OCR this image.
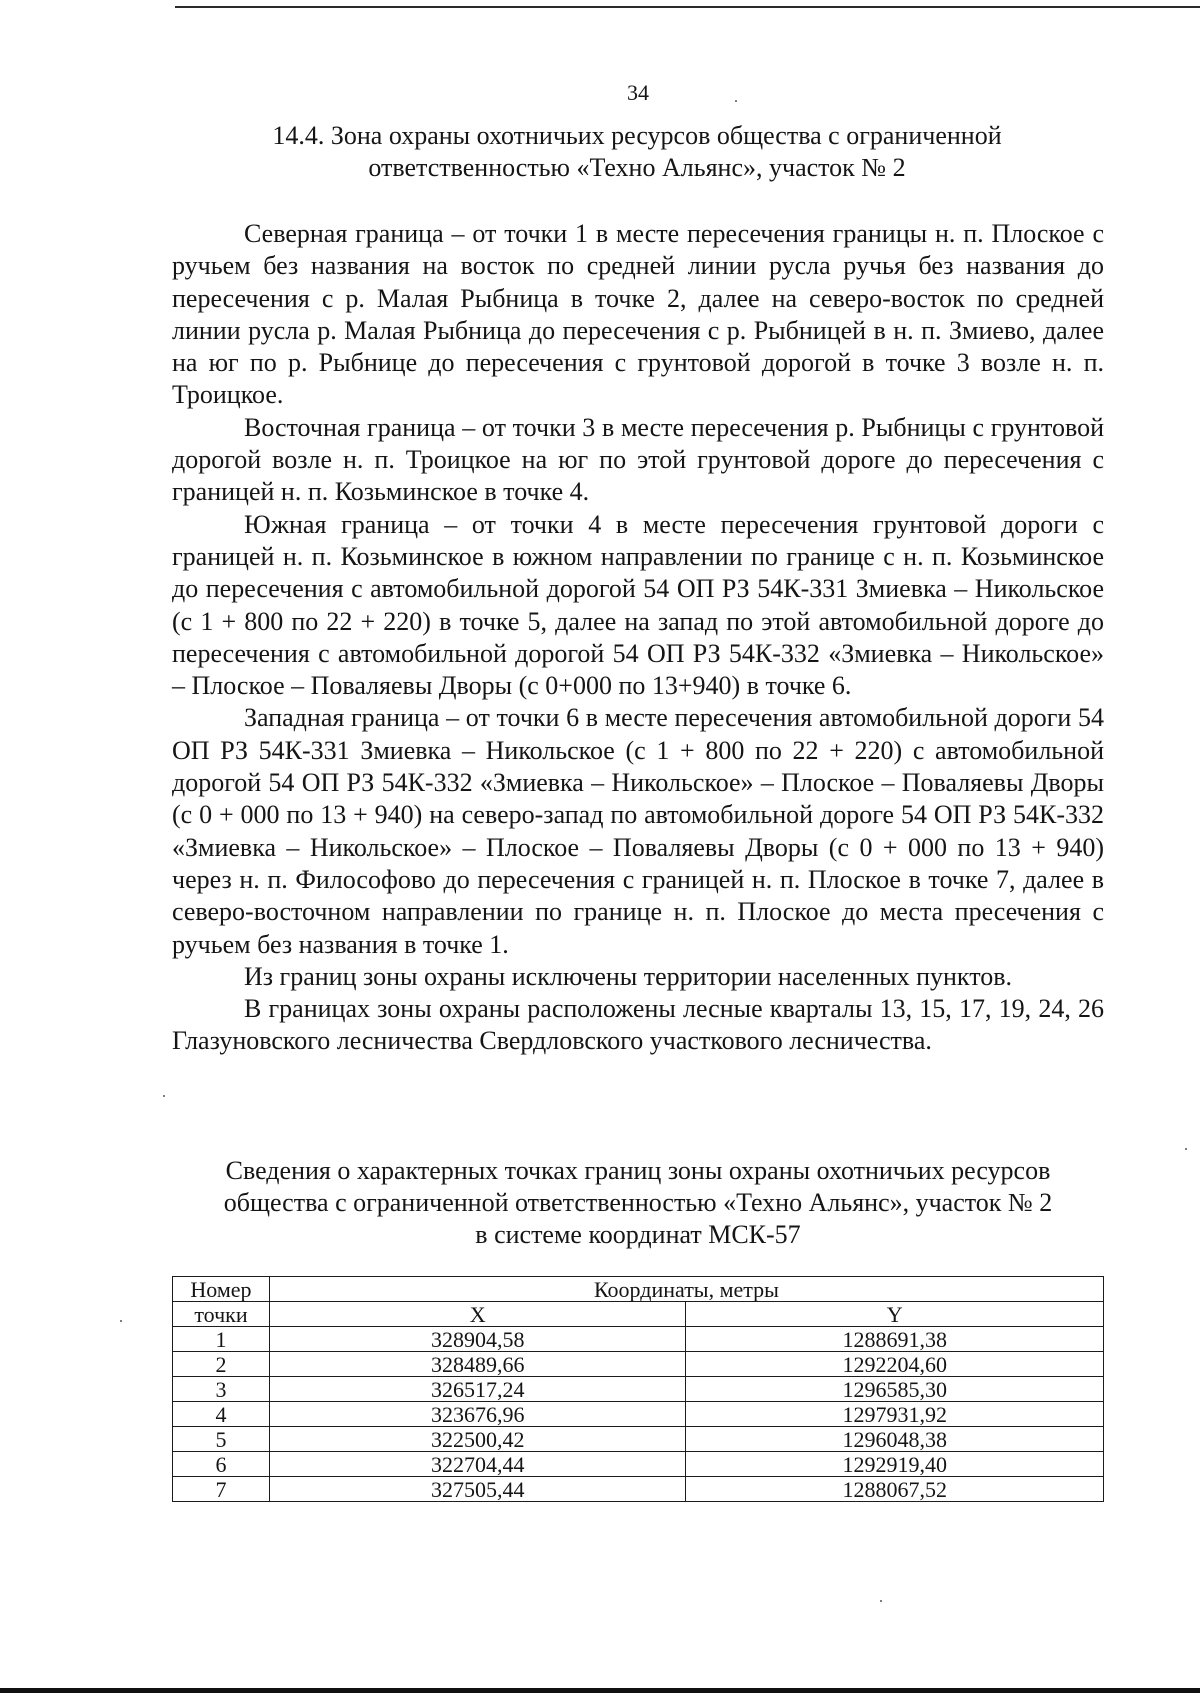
34
14.4. Зона охраны охотничьих ресурсов общества с ограниченной
ответственностью «Техно Альянс», участок № 2

Северная граница – от точки 1 в месте пересечения границы н. п. Плоское с ручьем без названия на восток по средней линии русла ручья без названия до пересечения с р. Малая Рыбница в точке 2, далее на северо-восток по средней линии русла р. Малая Рыбница до пересечения с р. Рыбницей в н. п. Змиево, далее на юг по р. Рыбнице до пересечения с грунтовой дорогой в точке 3 возле н. п. Троицкое.

Восточная граница – от точки 3 в месте пересечения р. Рыбницы с грунтовой дорогой возле н. п. Троицкое на юг по этой грунтовой дороге до пересечения с границей н. п. Козьминское в точке 4.

Южная граница – от точки 4 в месте пересечения грунтовой дороги с границей н. п. Козьминское в южном направлении по границе с н. п. Козьминское до пересечения с автомобильной дорогой 54 ОП РЗ 54К-331 Змиевка – Никольское (с 1 + 800 по 22 + 220) в точке 5, далее на запад по этой автомобильной дороге до пересечения с автомобильной дорогой 54 ОП РЗ 54К-332 «Змиевка – Никольское» – Плоское – Поваляевы Дворы (с 0+000 по 13+940) в точке 6.

Западная граница – от точки 6 в месте пересечения автомобильной дороги 54 ОП РЗ 54К-331 Змиевка – Никольское (с 1 + 800 по 22 + 220) с автомобильной дорогой 54 ОП РЗ 54К-332 «Змиевка – Никольское» – Плоское – Поваляевы Дворы (с 0 + 000 по 13 + 940) на северо-запад по автомобильной дороге 54 ОП РЗ 54К-332 «Змиевка – Никольское» – Плоское – Поваляевы Дворы (с 0 + 000 по 13 + 940) через н. п. Философово до пересечения с границей н. п. Плоское в точке 7, далее в северо-восточном направлении по границе н. п. Плоское до места пресечения с ручьем без названия в точке 1.

Из границ зоны охраны исключены территории населенных пунктов.

В границах зоны охраны расположены лесные кварталы 13, 15, 17, 19, 24, 26 Глазуновского лесничества Свердловского участкового лесничества.

Сведения о характерных точках границ зоны охраны охотничьих ресурсов
общества с ограниченной ответственностью «Техно Альянс», участок № 2
в системе координат МСК-57
Номер	Координаты, метры	
точки	X	Y
1	328904,58	1288691,38
2	328489,66	1292204,60
3	326517,24	1296585,30
4	323676,96	1297931,92
5	322500,42	1296048,38
6	322704,44	1292919,40
7	327505,44	1288067,52
